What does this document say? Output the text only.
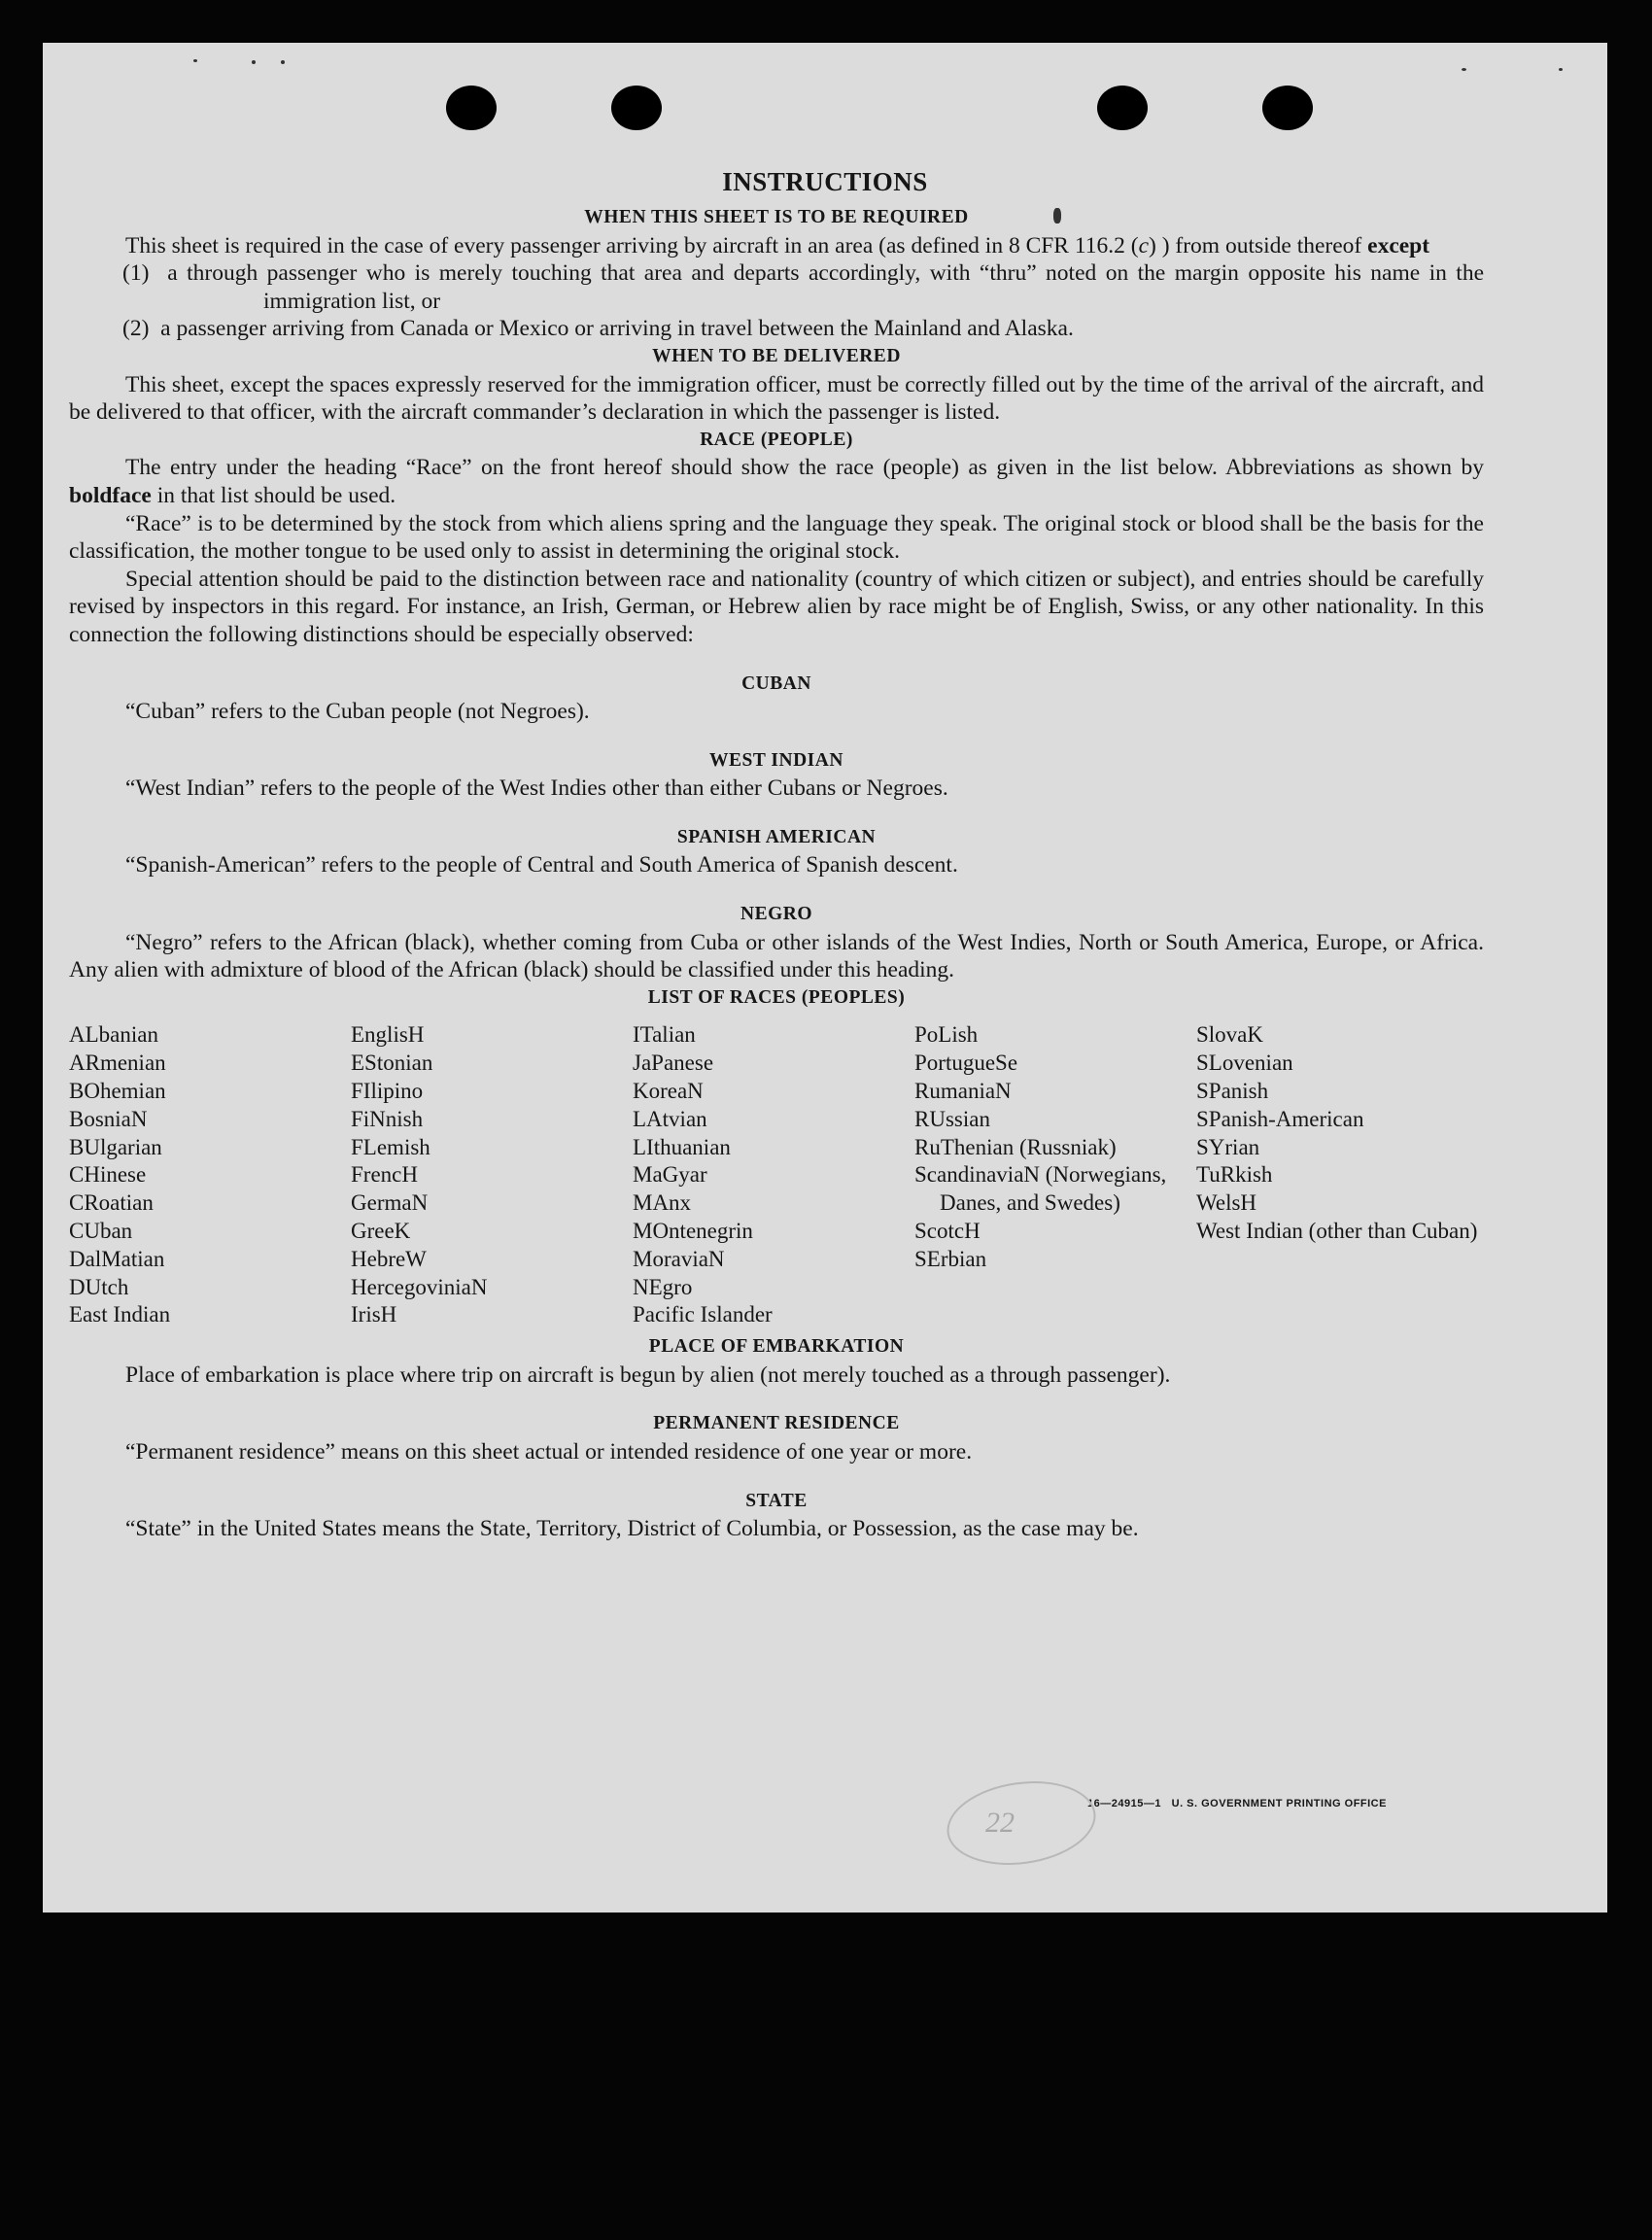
INSTRUCTIONS
WHEN THIS SHEET IS TO BE REQUIRED

This sheet is required in the case of every passenger arriving by aircraft in an area (as defined in 8 CFR 116.2 (c) ) from outside thereof except

(1) a through passenger who is merely touching that area and departs accordingly, with “thru” noted on the margin opposite his name in the immigration list, or

(2) a passenger arriving from Canada or Mexico or arriving in travel between the Mainland and Alaska.

WHEN TO BE DELIVERED

This sheet, except the spaces expressly reserved for the immigration officer, must be correctly filled out by the time of the arrival of the aircraft, and be delivered to that officer, with the aircraft commander’s declaration in which the passenger is listed.

RACE (PEOPLE)

The entry under the heading “Race” on the front hereof should show the race (people) as given in the list below. Abbreviations as shown by boldface in that list should be used.

“Race” is to be determined by the stock from which aliens spring and the language they speak. The original stock or blood shall be the basis for the classification, the mother tongue to be used only to assist in determining the original stock.

Special attention should be paid to the distinction between race and nationality (country of which citizen or subject), and entries should be carefully revised by inspectors in this regard. For instance, an Irish, German, or Hebrew alien by race might be of English, Swiss, or any other nationality. In this connection the following distinctions should be especially observed:

CUBAN

“Cuban” refers to the Cuban people (not Negroes).

WEST INDIAN

“West Indian” refers to the people of the West Indies other than either Cubans or Negroes.

SPANISH AMERICAN

“Spanish-American” refers to the people of Central and South America of Spanish descent.

NEGRO

“Negro” refers to the African (black), whether coming from Cuba or other islands of the West Indies, North or South America, Europe, or Africa. Any alien with admixture of blood of the African (black) should be classified under this heading.

LIST OF RACES (PEOPLES)
ALbanian
ARmenian
BOhemian
BosniaN
BUlgarian
CHinese
CRoatian
CUban
DalMatian
DUtch
East Indian
EnglisH
EStonian
FIlipino
FiNnish
FLemish
FrencH
GermaN
GreeK
HebreW
HercegoviniaN
IrisH
ITalian
JaPanese
KoreaN
LAtvian
LIthuanian
MaGyar
MAnx
MOntenegrin
MoraviaN
NEgro
Pacific Islander
PoLish
PortugueSe
RumaniaN
RUssian
RuThenian (Russniak)
ScandinaviaN (Norwegians, Danes, and Swedes)
ScotcH
SErbian
SlovaK
SLovenian
SPanish
SPanish-American
SYrian
TuRkish
WelsH
West Indian (other than Cuban)
PLACE OF EMBARKATION

Place of embarkation is place where trip on aircraft is begun by alien (not merely touched as a through passenger).

PERMANENT RESIDENCE

“Permanent residence” means on this sheet actual or intended residence of one year or more.

STATE

“State” in the United States means the State, Territory, District of Columbia, or Possession, as the case may be.

16—24915—1 U. S. GOVERNMENT PRINTING OFFICE
22
